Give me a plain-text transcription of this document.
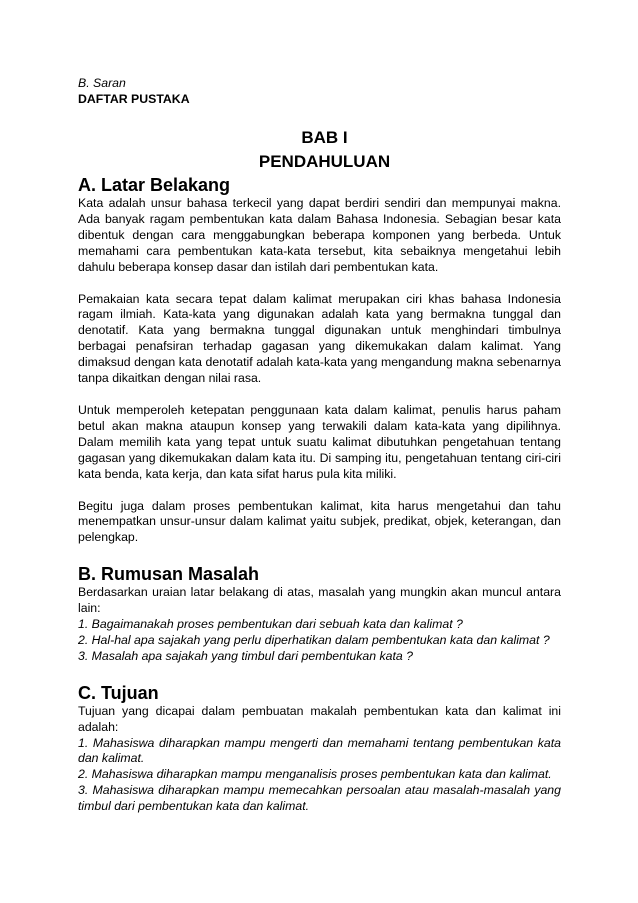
B. Saran

DAFTAR PUSTAKA

BAB I

PENDAHULUAN

A. Latar Belakang

Kata adalah unsur bahasa terkecil yang dapat berdiri sendiri dan mempunyai makna. Ada banyak ragam pembentukan kata dalam Bahasa Indonesia. Sebagian besar kata dibentuk dengan cara menggabungkan beberapa komponen yang berbeda. Untuk memahami cara pembentukan kata-kata tersebut, kita sebaiknya mengetahui lebih dahulu beberapa konsep dasar dan istilah dari pembentukan kata.

Pemakaian kata secara tepat dalam kalimat merupakan ciri khas bahasa Indonesia ragam ilmiah. Kata-kata yang digunakan adalah kata yang bermakna tunggal dan denotatif. Kata yang bermakna tunggal digunakan untuk menghindari timbulnya berbagai penafsiran terhadap gagasan yang dikemukakan dalam kalimat. Yang dimaksud dengan kata denotatif adalah kata-kata yang mengandung makna sebenarnya tanpa dikaitkan dengan nilai rasa.

Untuk memperoleh ketepatan penggunaan kata dalam kalimat, penulis harus paham betul akan makna ataupun konsep yang terwakili dalam kata-kata yang dipilihnya. Dalam memilih kata yang tepat untuk suatu kalimat dibutuhkan pengetahuan tentang gagasan yang dikemukakan dalam kata itu. Di samping itu, pengetahuan tentang ciri-ciri kata benda, kata kerja, dan kata sifat harus pula kita miliki.

Begitu juga dalam proses pembentukan kalimat, kita harus mengetahui dan tahu menempatkan unsur-unsur dalam kalimat yaitu subjek, predikat, objek, keterangan, dan pelengkap.

B. Rumusan Masalah

Berdasarkan uraian latar belakang di atas, masalah yang mungkin akan muncul antara lain:

1. Bagaimanakah proses pembentukan dari sebuah kata dan kalimat ?

2. Hal-hal apa sajakah yang perlu diperhatikan dalam pembentukan kata dan kalimat ?

3. Masalah apa sajakah yang timbul dari pembentukan kata ?

C. Tujuan

Tujuan yang dicapai dalam pembuatan makalah pembentukan kata dan kalimat ini adalah:

1. Mahasiswa diharapkan mampu mengerti dan memahami tentang pembentukan kata dan kalimat.

2. Mahasiswa diharapkan mampu menganalisis proses pembentukan kata dan kalimat.

3. Mahasiswa diharapkan mampu memecahkan persoalan atau masalah-masalah yang timbul dari pembentukan kata dan kalimat.
